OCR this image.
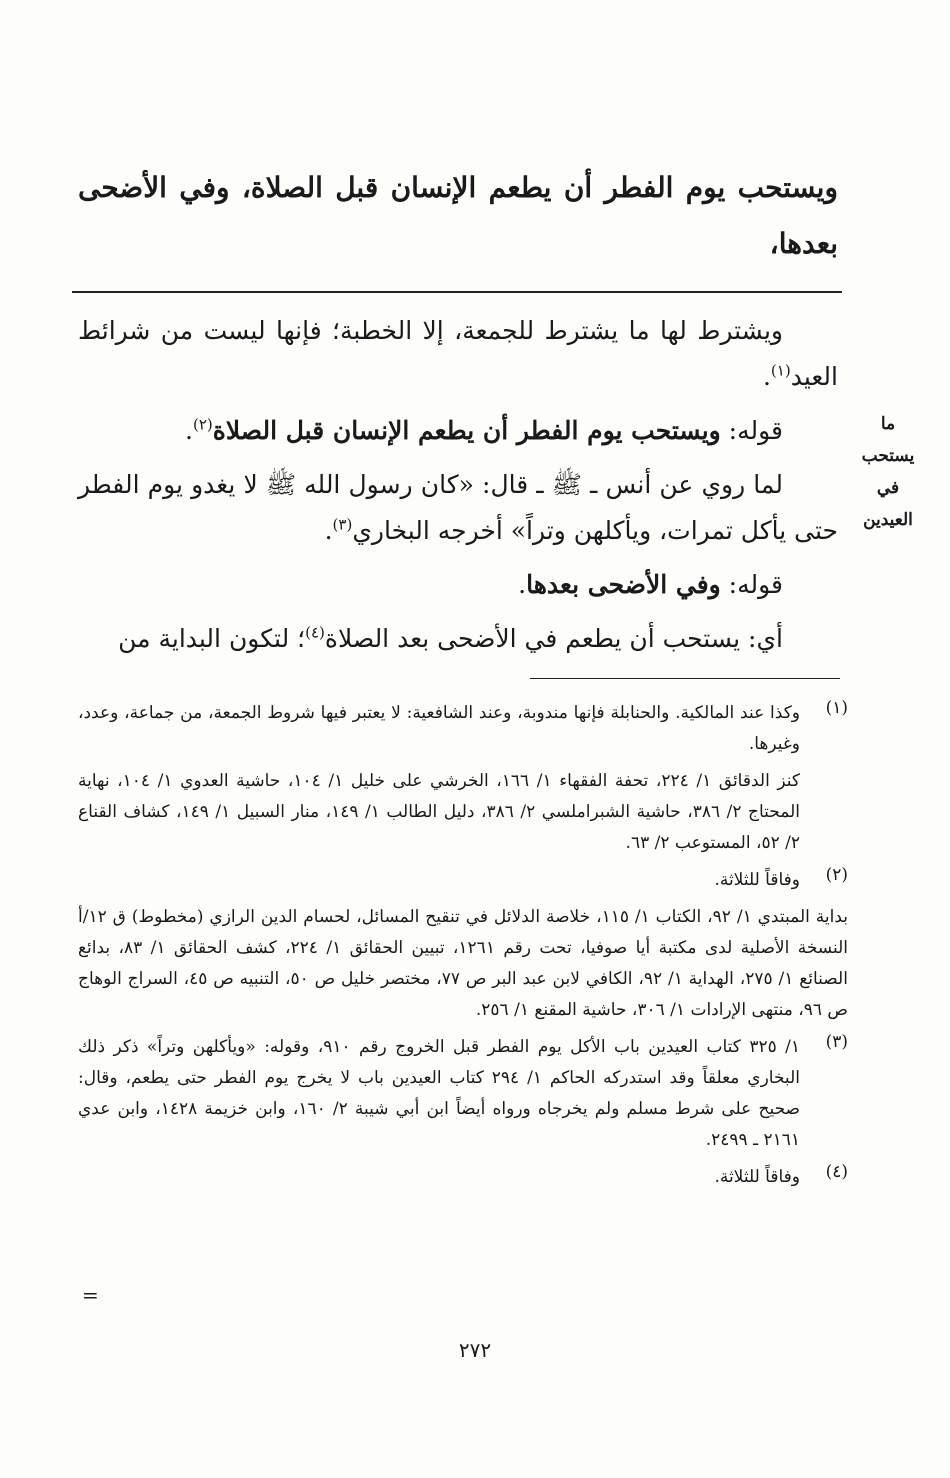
ويستحب يوم الفطر أن يطعم الإنسان قبل الصلاة، وفي الأضحى بعدها،

ويشترط لها ما يشترط للجمعة، إلا الخطبة؛ فإنها ليست من شرائط العيد$^{(١)}$.

قوله: ويستحب يوم الفطر أن يطعم الإنسان قبل الصلاة$^{(٢)}$.

لما روي عن أنس ـ ﷺ ـ قال: «كان رسول الله ﷺ لا يغدو يوم الفطر حتى يأكل تمرات، ويأكلهن وتراً» أخرجه البخاري$^{(٣)}$.

قوله: وفي الأضحى بعدها.

أي: يستحب أن يطعم في الأضحى بعد الصلاة$^{(٤)}$؛ لتكون البداية من

ما يستحب في العيدين
(١)

وكذا عند المالكية. والحنابلة فإنها مندوبة، وعند الشافعية: لا يعتبر فيها شروط الجمعة، من جماعة، وعدد، وغيرها.

كنز الدقائق ١/ ٢٢٤، تحفة الفقهاء ١/ ١٦٦، الخرشي على خليل ١/ ١٠٤، حاشية العدوي ١/ ١٠٤، نهاية المحتاج ٢/ ٣٨٦، حاشية الشبراملسي ٢/ ٣٨٦، دليل الطالب ١/ ١٤٩، منار السبيل ١/ ١٤٩، كشاف القناع ٢/ ٥٢، المستوعب ٢/ ٦٣.

(٢)

وفاقاً للثلاثة.

بداية المبتدي ١/ ٩٢، الكتاب ١/ ١١٥، خلاصة الدلائل في تنقيح المسائل، لحسام الدين الرازي (مخطوط) ق ١٢/أ النسخة الأصلية لدى مكتبة أيا صوفيا، تحت رقم ١٢٦١، تبيين الحقائق ١/ ٢٢٤، كشف الحقائق ١/ ٨٣، بدائع الصنائع ١/ ٢٧٥، الهداية ١/ ٩٢، الكافي لابن عبد البر ص ٧٧، مختصر خليل ص ٥٠، التنبيه ص ٤٥، السراج الوهاج ص ٩٦، منتهى الإرادات ١/ ٣٠٦، حاشية المقنع ١/ ٢٥٦.

(٣)

١/ ٣٢٥ كتاب العيدين باب الأكل يوم الفطر قبل الخروج رقم ٩١٠، وقوله: «ويأكلهن وتراً» ذكر ذلك البخاري معلقاً وقد استدركه الحاكم ١/ ٢٩٤ كتاب العيدين باب لا يخرج يوم الفطر حتى يطعم، وقال: صحيح على شرط مسلم ولم يخرجاه ورواه أيضاً ابن أبي شيبة ٢/ ١٦٠، وابن خزيمة ١٤٢٨، وابن عدي ٢١٦١ ـ ٢٤٩٩.

(٤)

وفاقاً للثلاثة.

=
٢٧٢
